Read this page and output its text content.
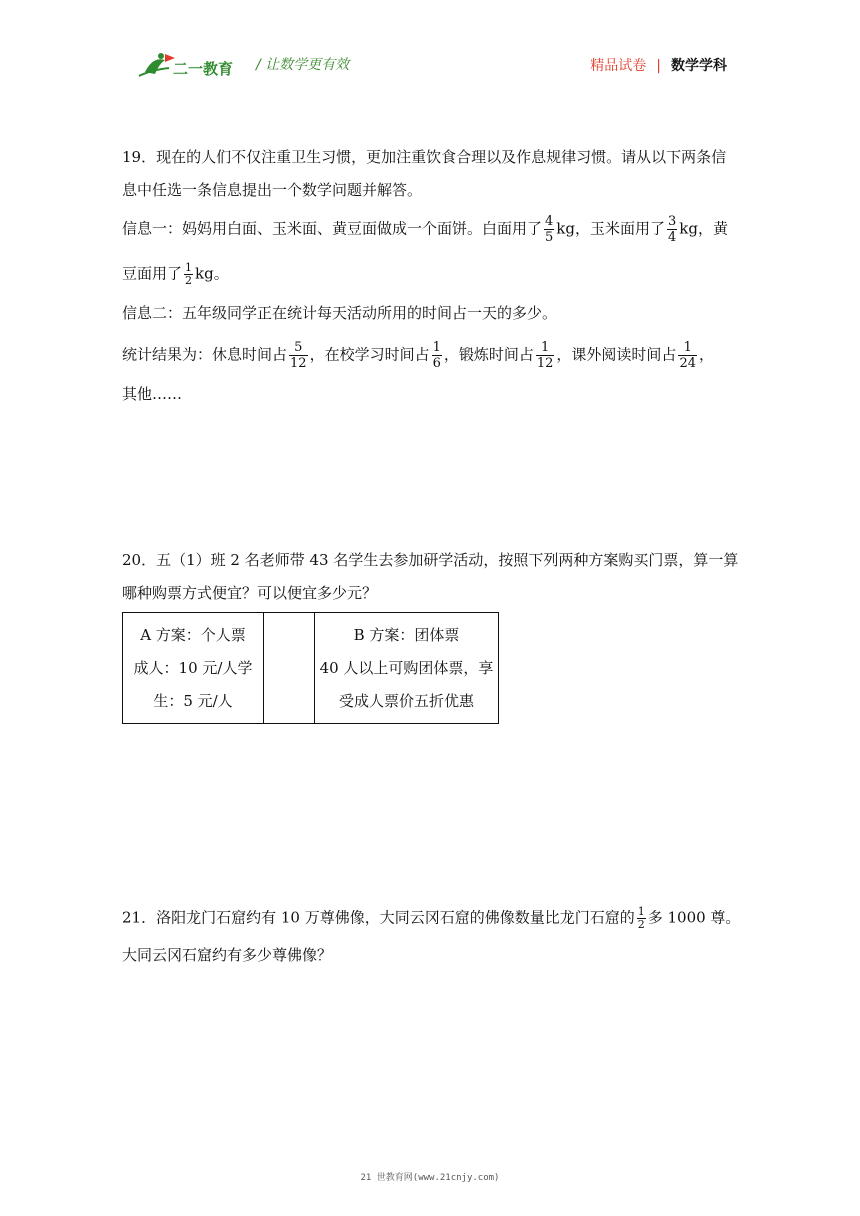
二一教育 / 让数学更有效	精品试卷 | 数学学科
19．现在的人们不仅注重卫生习惯，更加注重饮食合理以及作息规律习惯。请从以下两条信
息中任选一条信息提出一个数学问题并解答。
信息一：妈妈用白面、玉米面、黄豆面做成一个面饼。白面用了 $\frac{4}{5}$ kg，玉米面用了 $\frac{3}{4}$ kg，黄
豆面用了 $\frac{1}{2}$ kg。
信息二：五年级同学正在统计每天活动所用的时间占一天的多少。
统计结果为：休息时间占 $\frac{5}{12}$ ，在校学习时间占 $\frac{1}{6}$ ，锻炼时间占 $\frac{1}{12}$ ，课外阅读时间占 $\frac{1}{24}$ ，
其他……
20．五（1）班 2 名老师带 43 名学生去参加研学活动，按照下列两种方案购买门票，算一算
哪种购票方式便宜？可以便宜多少元？
21．洛阳龙门石窟约有 10 万尊佛像，大同云冈石窟的佛像数量比龙门石窟的 $\frac{1}{2}$ 多 1000 尊。
大同云冈石窟约有多少尊佛像？
A 方案：个人票
成人：10 元/人学
生：5 元/人

B 方案：团体票
40 人以上可购团体票，享
受成人票价五折优惠
21 世教育网(www.21cnjy.com)
